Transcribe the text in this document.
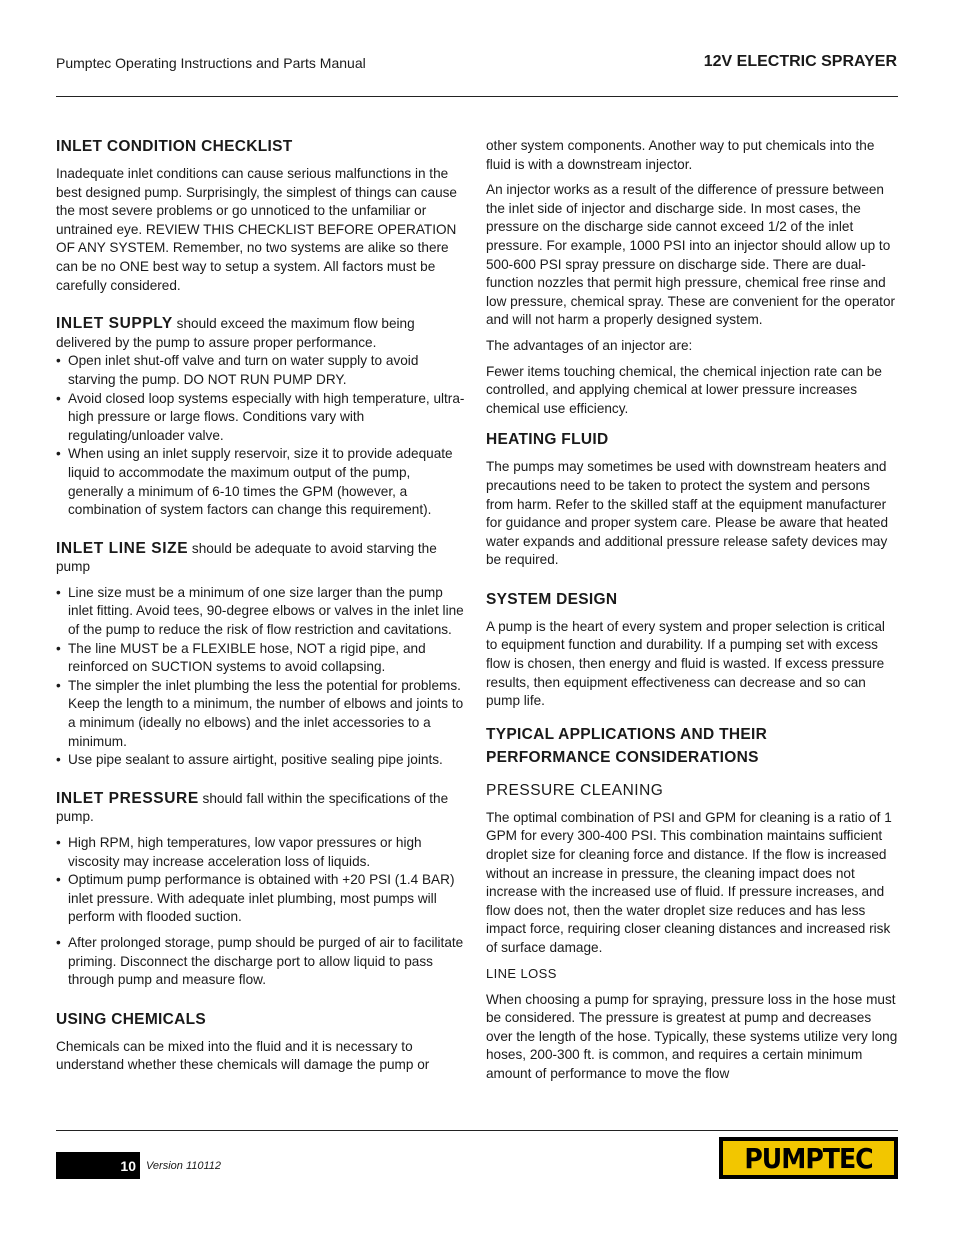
Pumptec Operating Instructions and Parts Manual	12V ELECTRIC SPRAYER
INLET CONDITION CHECKLIST

Inadequate inlet conditions can cause serious malfunctions in the best designed pump. Surprisingly, the simplest of things can cause the most severe problems or go unnoticed to the unfamiliar or untrained eye. REVIEW THIS CHECKLIST BEFORE OPERATION OF ANY SYSTEM. Remember, no two systems are alike so there can be no ONE best way to setup a system. All factors must be carefully considered.

INLET SUPPLY should exceed the maximum flow being delivered by the pump to assure proper performance.

• Open inlet shut-off valve and turn on water supply to avoid starving the pump. DO NOT RUN PUMP DRY.
• Avoid closed loop systems especially with high temperature, ultra-high pressure or large flows. Conditions vary with regulating/unloader valve.
• When using an inlet supply reservoir, size it to provide adequate liquid to accommodate the maximum output of the pump, generally a minimum of 6-10 times the GPM (however, a combination of system factors can change this requirement).

INLET LINE SIZE should be adequate to avoid starving the pump

• Line size must be a minimum of one size larger than the pump inlet fitting. Avoid tees, 90-degree elbows or valves in the inlet line of the pump to reduce the risk of flow restriction and cavitations.
• The line MUST be a FLEXIBLE hose, NOT a rigid pipe, and reinforced on SUCTION systems to avoid collapsing.
• The simpler the inlet plumbing the less the potential for problems. Keep the length to a minimum, the number of elbows and joints to a minimum (ideally no elbows) and the inlet accessories to a minimum.
• Use pipe sealant to assure airtight, positive sealing pipe joints.

INLET PRESSURE should fall within the specifications of the pump.

• High RPM, high temperatures, low vapor pressures or high viscosity may increase acceleration loss of liquids.
• Optimum pump performance is obtained with +20 PSI (1.4 BAR) inlet pressure. With adequate inlet plumbing, most pumps will perform with flooded suction.
• After prolonged storage, pump should be purged of air to facilitate priming. Disconnect the discharge port to allow liquid to pass through pump and measure flow.
USING CHEMICALS

Chemicals can be mixed into the fluid and it is necessary to understand whether these chemicals will damage the pump or

other system components. Another way to put chemicals into the fluid is with a downstream injector.

An injector works as a result of the difference of pressure between the inlet side of injector and discharge side. In most cases, the pressure on the discharge side cannot exceed 1/2 of the inlet pressure. For example, 1000 PSI into an injector should allow up to 500-600 PSI spray pressure on discharge side. There are dual-function nozzles that permit high pressure, chemical free rinse and low pressure, chemical spray. These are convenient for the operator and will not harm a properly designed system.

The advantages of an injector are:

Fewer items touching chemical, the chemical injection rate can be controlled, and applying chemical at lower pressure increases chemical use efficiency.

HEATING FLUID

The pumps may sometimes be used with downstream heaters and precautions need to be taken to protect the system and persons from harm. Refer to the skilled staff at the equipment manufacturer for guidance and proper system care. Please be aware that heated water expands and additional pressure release safety devices may be required.

SYSTEM DESIGN

A pump is the heart of every system and proper selection is critical to equipment function and durability. If a pumping set with excess flow is chosen, then energy and fluid is wasted. If excess pressure results, then equipment effectiveness can decrease and so can pump life.

TYPICAL APPLICATIONS AND THEIR
PERFORMANCE CONSIDERATIONS
PRESSURE CLEANING

The optimal combination of PSI and GPM for cleaning is a ratio of 1 GPM for every 300-400 PSI. This combination maintains sufficient droplet size for cleaning force and distance. If the flow is increased without an increase in pressure, the cleaning impact does not increase with the increased use of fluid. If pressure increases, and flow does not, then the water droplet size reduces and has less impact force, requiring closer cleaning distances and increased risk of surface damage.

LINE LOSS

When choosing a pump for spraying, pressure loss in the hose must be considered. The pressure is greatest at pump and decreases over the length of the hose. Typically, these systems utilize very long hoses, 200-300 ft. is common, and requires a certain minimum amount of performance to move the flow

10 Version 110112	PUMPTEC
